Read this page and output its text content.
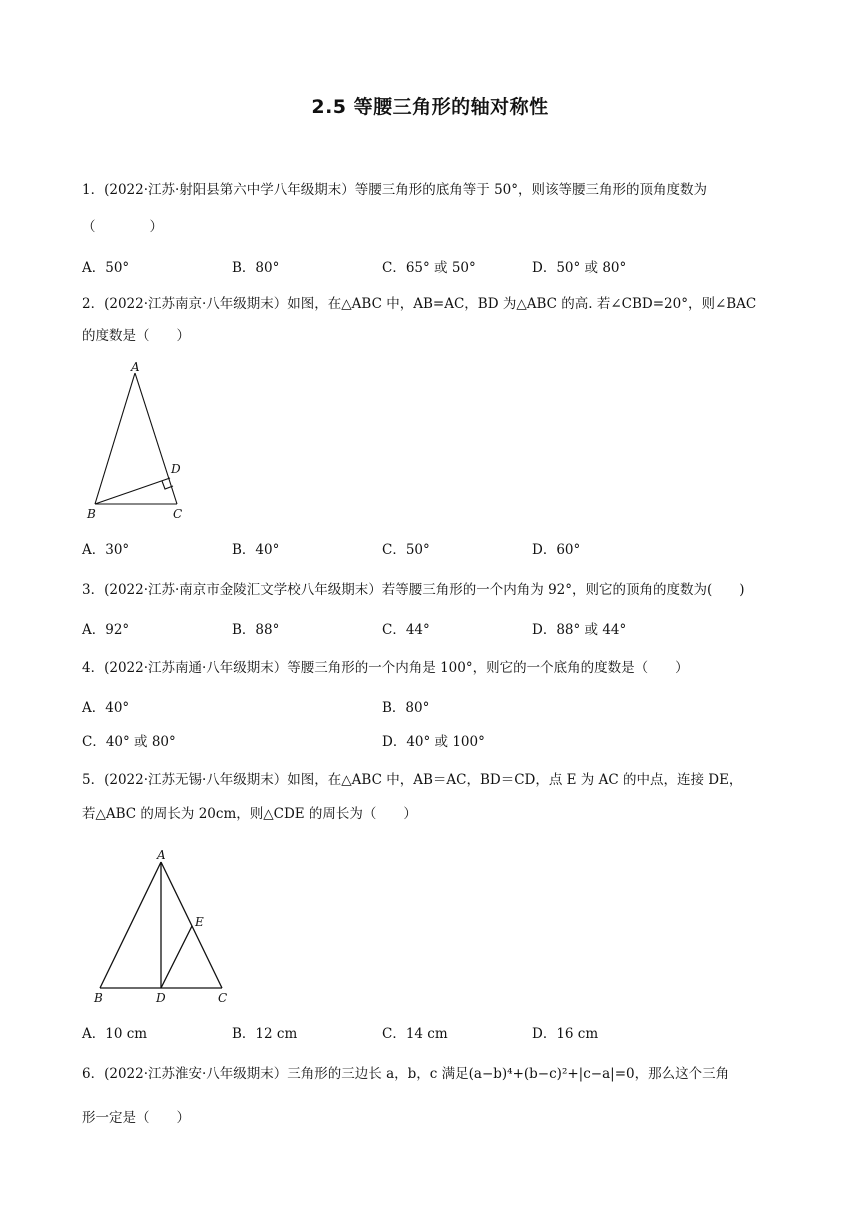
2.5 等腰三角形的轴对称性
1．(2022·江苏·射阳县第六中学八年级期末）等腰三角形的底角等于 50°，则该等腰三角形的顶角度数为
（　　　　）
A．50°	B．80°	C．65° 或 50°	D．50° 或 80°
2．(2022·江苏南京·八年级期末）如图，在△ABC 中，AB=AC，BD 为△ABC 的高. 若∠CBD=20°，则∠BAC
的度数是（　　）
A
B	C
D
A．30°	B．40°	C．50°	D．60°
3．(2022·江苏·南京市金陵汇文学校八年级期末）若等腰三角形的一个内角为 92°，则它的顶角的度数为(　　)
A．92°	B．88°	C．44°	D．88° 或 44°
4．(2022·江苏南通·八年级期末）等腰三角形的一个内角是 100°，则它的一个底角的度数是（　　）
A．40°	B．80°
C．40° 或 80°	D．40° 或 100°
5．(2022·江苏无锡·八年级期末）如图，在△ABC 中，AB＝AC，BD＝CD，点 E 为 AC 的中点，连接 DE，
若△ABC 的周长为 20cm，则△CDE 的周长为（　　）
A
B	C
D
E
A．10 cm	B．12 cm	C．14 cm	D．16 cm
6．(2022·江苏淮安·八年级期末）三角形的三边长 a，b，c 满足(a−b)⁴+(b−c)²+|c−a|=0，那么这个三角
形一定是（　　）
